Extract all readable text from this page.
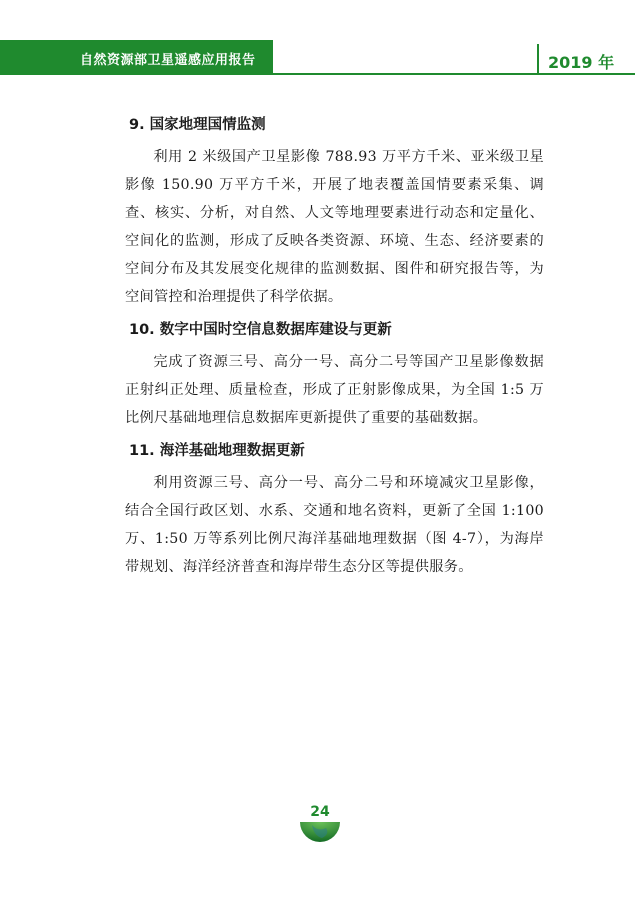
自然资源部卫星遥感应用报告	2019 年
9. 国家地理国情监测

利用 2 米级国产卫星影像 788.93 万平方千米、亚米级卫星影像 150.90 万平方千米，开展了地表覆盖国情要素采集、调查、核实、分析，对自然、人文等地理要素进行动态和定量化、空间化的监测，形成了反映各类资源、环境、生态、经济要素的空间分布及其发展变化规律的监测数据、图件和研究报告等，为空间管控和治理提供了科学依据。

10. 数字中国时空信息数据库建设与更新

完成了资源三号、高分一号、高分二号等国产卫星影像数据正射纠正处理、质量检查，形成了正射影像成果，为全国 1:5 万比例尺基础地理信息数据库更新提供了重要的基础数据。

11. 海洋基础地理数据更新

利用资源三号、高分一号、高分二号和环境减灾卫星影像，结合全国行政区划、水系、交通和地名资料，更新了全国 1:100 万、1:50 万等系列比例尺海洋基础地理数据（图 4-7），为海岸带规划、海洋经济普查和海岸带生态分区等提供服务。

24
